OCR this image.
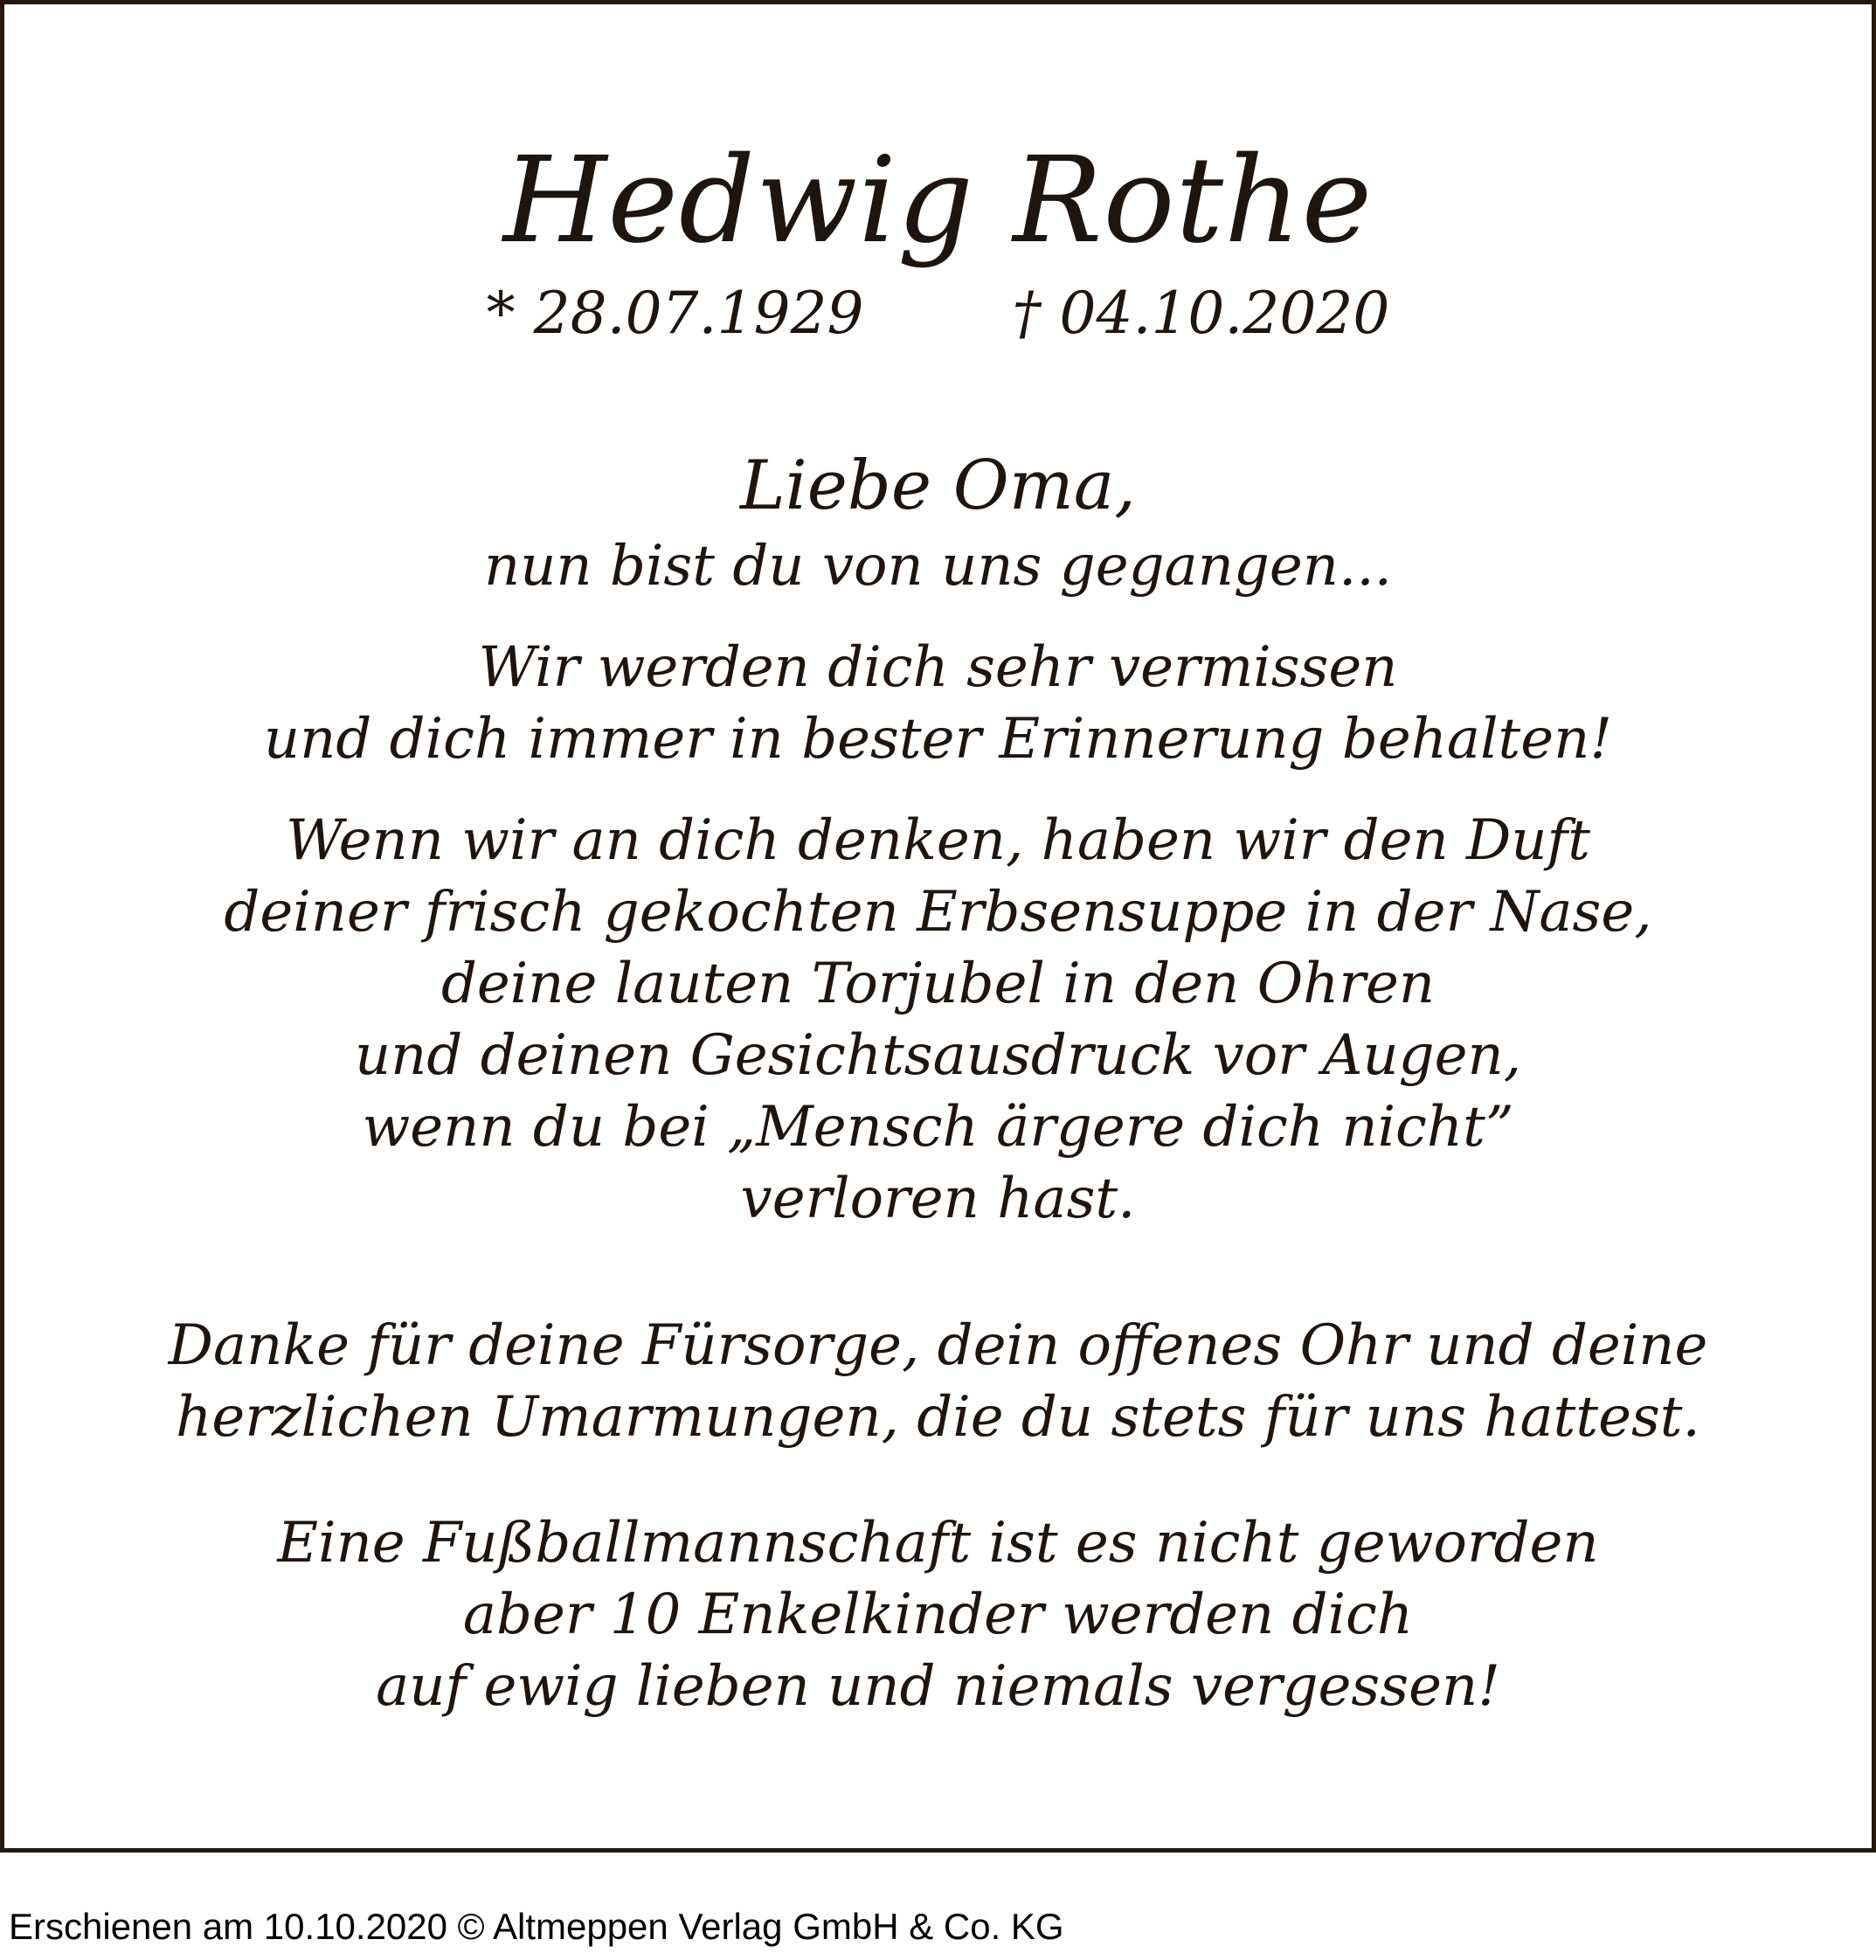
Hedwig Rothe
* 28.07.1929	† 04.10.2020
Liebe Oma,
nun bist du von uns gegangen...
Wir werden dich sehr vermissen
und dich immer in bester Erinnerung behalten!
Wenn wir an dich denken, haben wir den Duft
deiner frisch gekochten Erbsensuppe in der Nase,
deine lauten Torjubel in den Ohren
und deinen Gesichtsausdruck vor Augen,
wenn du bei „Mensch ärgere dich nicht”
verloren hast.
Danke für deine Fürsorge, dein offenes Ohr und deine
herzlichen Umarmungen, die du stets für uns hattest.
Eine Fußballmannschaft ist es nicht geworden
aber 10 Enkelkinder werden dich
auf ewig lieben und niemals vergessen!
Erschienen am 10.10.2020 © Altmeppen Verlag GmbH & Co. KG
